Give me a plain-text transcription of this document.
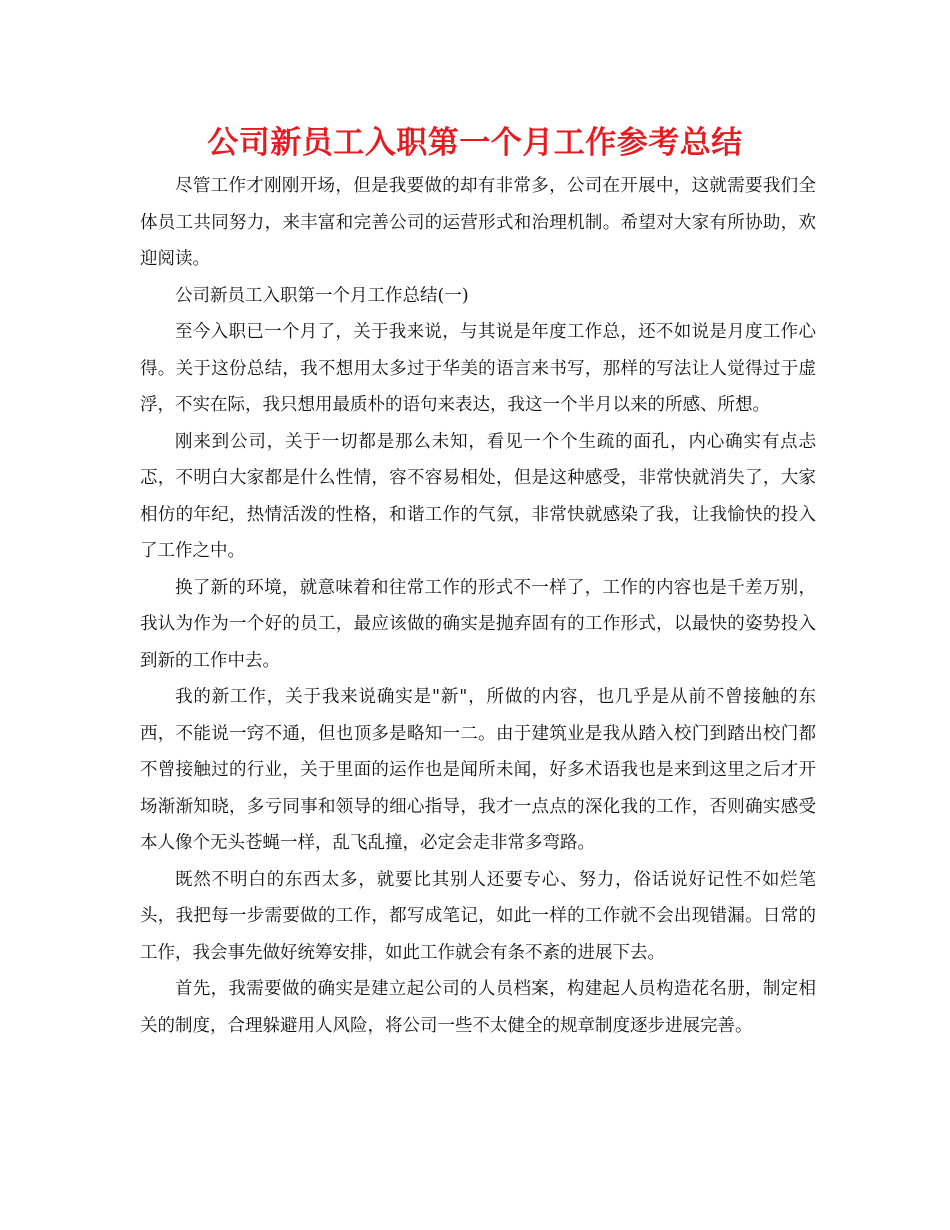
公司新员工入职第一个月工作参考总结

尽管工作才刚刚开场，但是我要做的却有非常多，公司在开展中，这就需要我们全体员工共同努力，来丰富和完善公司的运营形式和治理机制。希望对大家有所协助，欢迎阅读。

公司新员工入职第一个月工作总结(一)

至今入职已一个月了，关于我来说，与其说是年度工作总，还不如说是月度工作心得。关于这份总结，我不想用太多过于华美的语言来书写，那样的写法让人觉得过于虚浮，不实在际，我只想用最质朴的语句来表达，我这一个半月以来的所感、所想。

刚来到公司，关于一切都是那么未知，看见一个个生疏的面孔，内心确实有点忐忑，不明白大家都是什么性情，容不容易相处，但是这种感受，非常快就消失了，大家相仿的年纪，热情活泼的性格，和谐工作的气氛，非常快就感染了我，让我愉快的投入了工作之中。

换了新的环境，就意味着和往常工作的形式不一样了，工作的内容也是千差万别，我认为作为一个好的员工，最应该做的确实是抛弃固有的工作形式，以最快的姿势投入到新的工作中去。

我的新工作，关于我来说确实是"新"，所做的内容，也几乎是从前不曾接触的东西，不能说一窍不通，但也顶多是略知一二。由于建筑业是我从踏入校门到踏出校门都不曾接触过的行业，关于里面的运作也是闻所未闻，好多术语我也是来到这里之后才开场渐渐知晓，多亏同事和领导的细心指导，我才一点点的深化我的工作，否则确实感受本人像个无头苍蝇一样，乱飞乱撞，必定会走非常多弯路。

既然不明白的东西太多，就要比其别人还要专心、努力，俗话说好记性不如烂笔头，我把每一步需要做的工作，都写成笔记，如此一样的工作就不会出现错漏。日常的工作，我会事先做好统筹安排，如此工作就会有条不紊的进展下去。

首先，我需要做的确实是建立起公司的人员档案，构建起人员构造花名册，制定相关的制度，合理躲避用人风险，将公司一些不太健全的规章制度逐步进展完善。
